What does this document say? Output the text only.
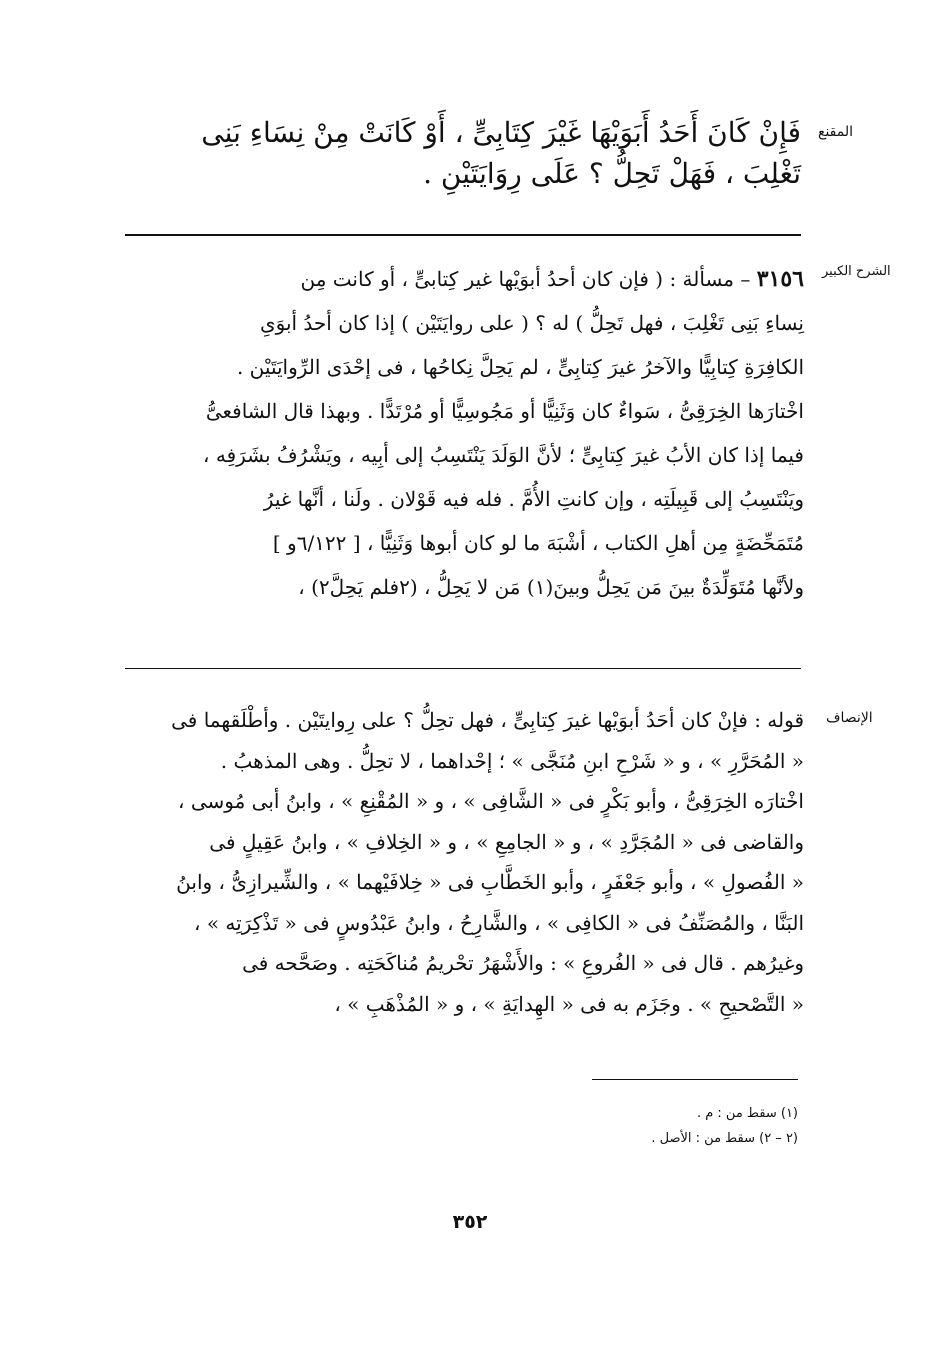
المقنع
فَإِنْ كَانَ أَحَدُ أَبَوَيْهَا غَيْرَ كِتَابِىٍّ ، أَوْ كَانَتْ مِنْ نِسَاءِ بَنِى
تَغْلِبَ ، فَهَلْ تَحِلُّ ؟ عَلَى رِوَايَتَيْنِ .
الشرح الكبير
٣١٥٦ – مسألة : ( فإن كان أحدُ أبوَيْها غير كِتابىٍّ ، أو كانت مِن
نِساءِ بَنِى تَغْلِبَ ، فهل تَحِلُّ ) له ؟ ( على روايَتَيْن ) إذا كان أحدُ أبوَىِ
الكافِرَةِ كِتابِيًّا والآخرُ غيرَ كِتابِىٍّ ، لم يَحِلَّ نِكاحُها ، فى إحْدَى الرِّوايَتَيْن .
اخْتارَها الخِرَقِىُّ ، سَواءٌ كان وَثَنِيًّا أو مَجُوسِيًّا أو مُرْتَدًّا . وبهذا قال الشافعىُّ
فيما إذا كان الأبُ غيرَ كِتابِىٍّ ؛ لأنَّ الوَلَدَ يَنْتَسِبُ إلى أبِيه ، ويَشْرُفُ بشَرَفِه ،
ويَنْتَسِبُ إلى قَبِيلَتِه ، وإن كانتِ الأُمَّ . فله فيه قَوْلان . ولَنا ، أنَّها غيرُ
مُتَمَحِّضَةٍ مِن أهلِ الكتاب ، أشْبَهَ ما لو كان أبوها وَثَنِيًّا ، [ ٦/١٢٢و ]
ولأنَّها مُتَوَلِّدَةٌ بينَ مَن يَحِلُّ وبينَ(١) مَن لا يَحِلُّ ، (٢فلم يَحِلَّ٢) ،
الإنصاف
قوله : فإنْ كان أحَدُ أبوَيْها غيرَ كِتابِىٍّ ، فهل تحِلُّ ؟ على رِوايتَيْن . وأطْلَقهما فى
« المُحَرَّرِ » ، و « شَرْحِ ابنِ مُنَجَّى » ؛ إحْداهما ، لا تحِلُّ . وهى المذهبُ .
اخْتارَه الخِرَقِىُّ ، وأبو بَكْرٍ فى « الشَّافِى » ، و « المُقْنِعِ » ، وابنُ أبى مُوسى ،
والقاضى فى « المُجَرَّدِ » ، و « الجامِعِ » ، و « الخِلافِ » ، وابنُ عَقِيلٍ فى
« الفُصولِ » ، وأبو جَعْفَرٍ ، وأبو الخَطَّابِ فى « خِلافَيْهما » ، والشِّيرازِىُّ ، وابنُ
البَنَّا ، والمُصَنِّفُ فى « الكافِى » ، والشَّارِحُ ، وابنُ عَبْدُوسٍ فى « تَذْكِرَتِه » ،
وغيرُهم . قال فى « الفُروعِ » : والأَشْهَرُ تحْريمُ مُناكَحَتِه . وصَحَّحه فى
« التَّصْحيحِ » . وجَزَم به فى « الهِدايَةِ » ، و « المُذْهَبِ » ،
(١) سقط من : م .
(٢ – ٢) سقط من : الأصل .
٣٥٢
